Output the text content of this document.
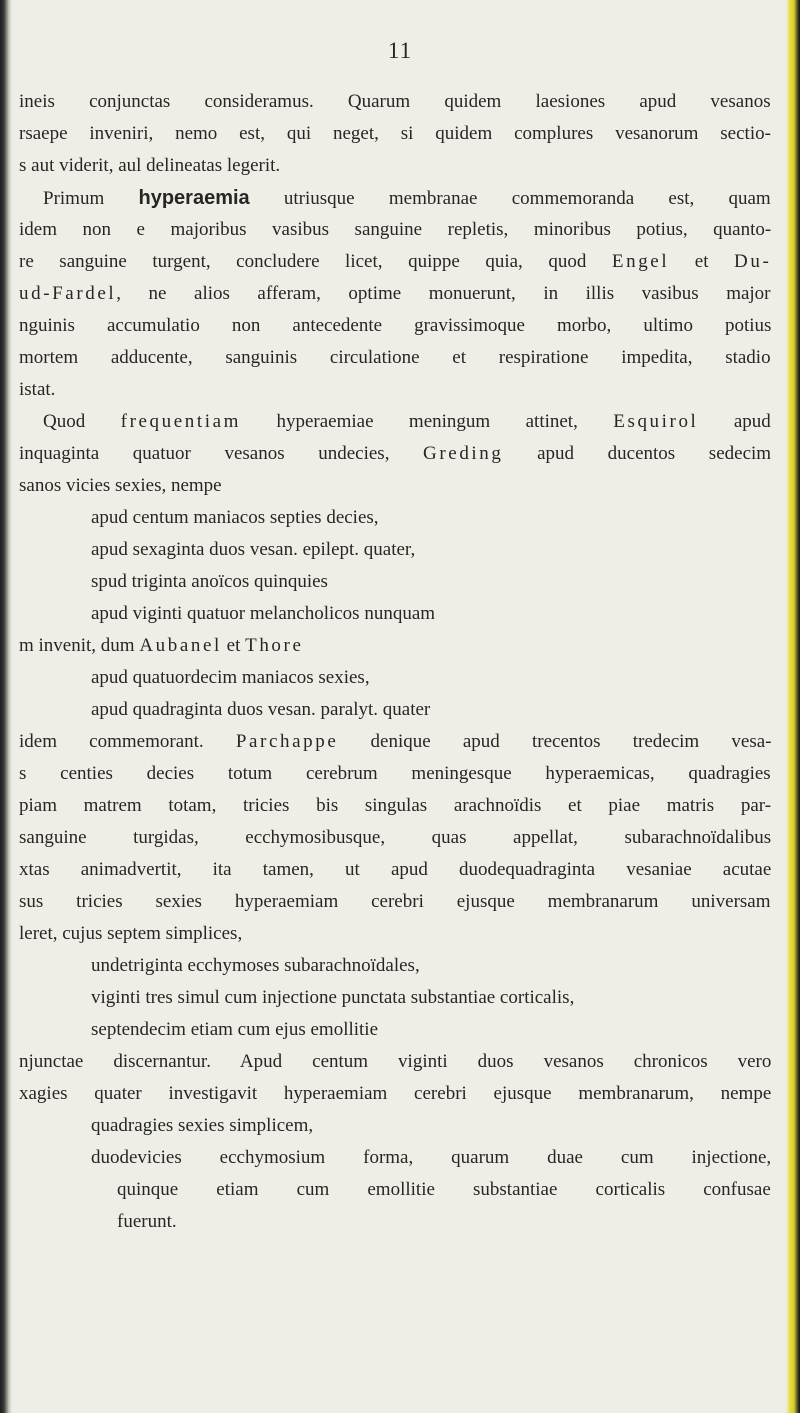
11
ineis conjunctas consideramus. Quarum quidem laesiones apud vesanos
rsaepe inveniri, nemo est, qui neget, si quidem complures vesanorum sectio-
s aut viderit, aul delineatas legerit.
Primum hyperaemia utriusque membranae commemoranda est, quam
idem non e majoribus vasibus sanguine repletis, minoribus potius, quanto-
re sanguine turgent, concludere licet, quippe quia, quod Engel et Du-
ud-Fardel, ne alios afferam, optime monuerunt, in illis vasibus major
nguinis accumulatio non antecedente gravissimoque morbo, ultimo potius
mortem adducente, sanguinis circulatione et respiratione impedita, stadio
istat.
Quod frequentiam hyperaemiae meningum attinet, Esquirol apud
inquaginta quatuor vesanos undecies, Greding apud ducentos sedecim
sanos vicies sexies, nempe
apud centum maniacos septies decies,
apud sexaginta duos vesan. epilept. quater,
spud triginta anoïcos quinquies
apud viginti quatuor melancholicos nunquam
m invenit, dum Aubanel et Thore
apud quatuordecim maniacos sexies,
apud quadraginta duos vesan. paralyt. quater
idem commemorant. Parchappe denique apud trecentos tredecim vesa-
s centies decies totum cerebrum meningesque hyperaemicas, quadragies
piam matrem totam, tricies bis singulas arachnoïdis et piae matris par-
sanguine turgidas, ecchymosibusque, quas appellat, subarachnoïdalibus
xtas animadvertit, ita tamen, ut apud duodequadraginta vesaniae acutae
sus tricies sexies hyperaemiam cerebri ejusque membranarum universam
leret, cujus septem simplices,
undetriginta ecchymoses subarachnoïdales,
viginti tres simul cum injectione punctata substantiae corticalis,
septendecim etiam cum ejus emollitie
njunctae discernantur. Apud centum viginti duos vesanos chronicos vero
xagies quater investigavit hyperaemiam cerebri ejusque membranarum, nempe
quadragies sexies simplicem,
duodevicies ecchymosium forma, quarum duae cum injectione,
quinque etiam cum emollitie substantiae corticalis confusae
fuerunt.
